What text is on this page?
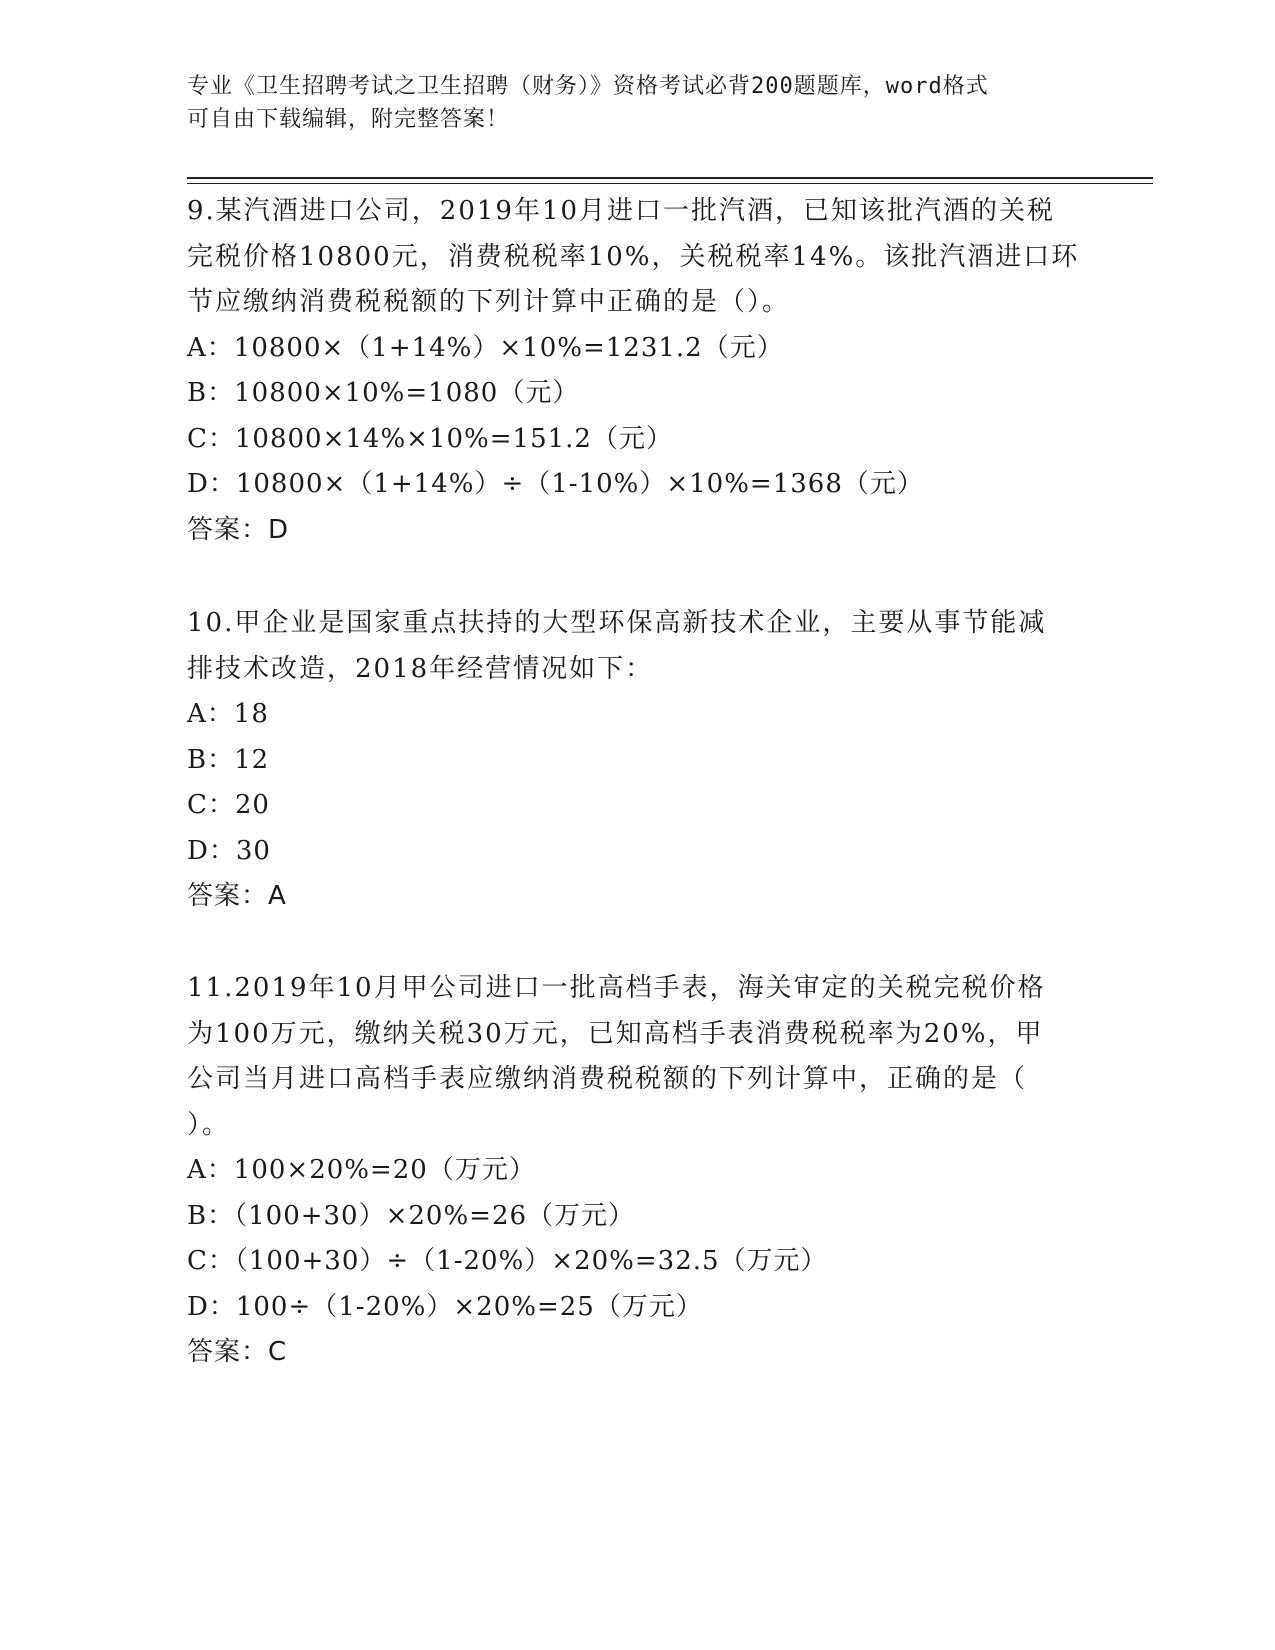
专业《卫生招聘考试之卫生招聘（财务）》资格考试必背200题题库，word格式
可自由下载编辑，附完整答案！
9.某汽酒进口公司，2019年10月进口一批汽酒，已知该批汽酒的关税
完税价格10800元，消费税税率10%，关税税率14%。该批汽酒进口环
节应缴纳消费税税额的下列计算中正确的是（）。
A：10800×（1+14%）×10%=1231.2（元）
B：10800×10%=1080（元）
C：10800×14%×10%=151.2（元）
D：10800×（1+14%）÷（1-10%）×10%=1368（元）
答案：D
10.甲企业是国家重点扶持的大型环保高新技术企业，主要从事节能减
排技术改造，2018年经营情况如下：
A：18
B：12
C：20
D：30
答案：A
11.2019年10月甲公司进口一批高档手表，海关审定的关税完税价格
为100万元，缴纳关税30万元，已知高档手表消费税税率为20%，甲
公司当月进口高档手表应缴纳消费税税额的下列计算中，正确的是（
）。
A：100×20%=20（万元）
B：（100+30）×20%=26（万元）
C：（100+30）÷（1-20%）×20%=32.5（万元）
D：100÷（1-20%）×20%=25（万元）
答案：C
